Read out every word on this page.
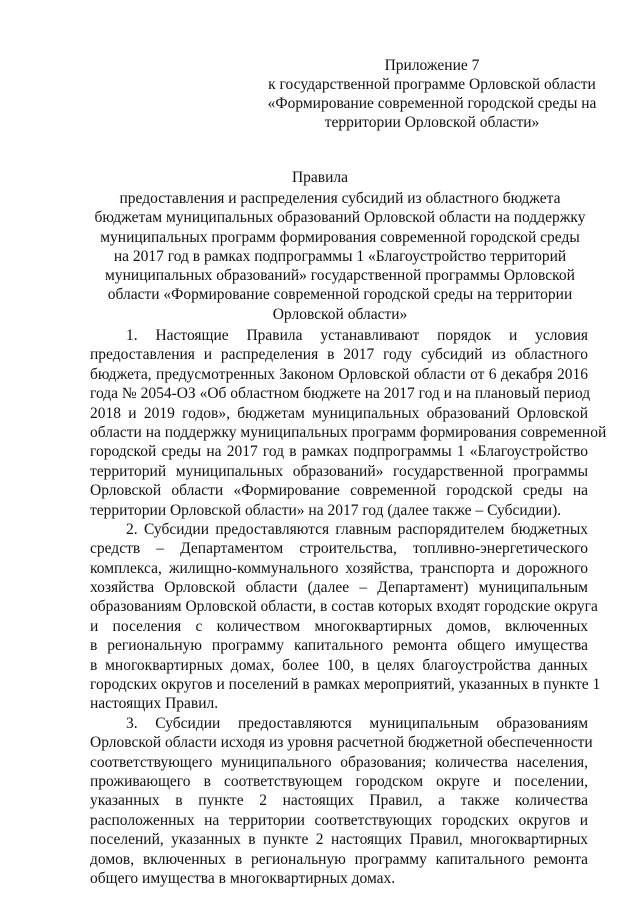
Приложение 7
к государственной программе Орловской области
«Формирование современной городской среды на
территории Орловской области»
Правила
предоставления и распределения субсидий из областного бюджета
бюджетам муниципальных образований Орловской области на поддержку
муниципальных программ формирования современной городской среды
на 2017 год в рамках подпрограммы 1 «Благоустройство территорий
муниципальных образований» государственной программы Орловской
области «Формирование современной городской среды на территории
Орловской области»
1. Настоящие Правила устанавливают порядок и условия
предоставления и распределения в 2017 году субсидий из областного
бюджета, предусмотренных Законом Орловской области от 6 декабря 2016
года № 2054-ОЗ «Об областном бюджете на 2017 год и на плановый период
2018 и 2019 годов», бюджетам муниципальных образований Орловской
области на поддержку муниципальных программ формирования современной
городской среды на 2017 год в рамках подпрограммы 1 «Благоустройство
территорий муниципальных образований» государственной программы
Орловской области «Формирование современной городской среды на
территории Орловской области» на 2017 год (далее также – Субсидии).
2. Субсидии предоставляются главным распорядителем бюджетных
средств – Департаментом строительства, топливно-энергетического
комплекса, жилищно-коммунального хозяйства, транспорта и дорожного
хозяйства Орловской области (далее – Департамент) муниципальным
образованиям Орловской области, в состав которых входят городские округа
и поселения с количеством многоквартирных домов, включенных
в региональную программу капитального ремонта общего имущества
в многоквартирных домах, более 100, в целях благоустройства данных
городских округов и поселений в рамках мероприятий, указанных в пункте 1
настоящих Правил.
3. Субсидии предоставляются муниципальным образованиям
Орловской области исходя из уровня расчетной бюджетной обеспеченности
соответствующего муниципального образования; количества населения,
проживающего в соответствующем городском округе и поселении,
указанных в пункте 2 настоящих Правил, а также количества
расположенных на территории соответствующих городских округов и
поселений, указанных в пункте 2 настоящих Правил, многоквартирных
домов, включенных в региональную программу капитального ремонта
общего имущества в многоквартирных домах.
